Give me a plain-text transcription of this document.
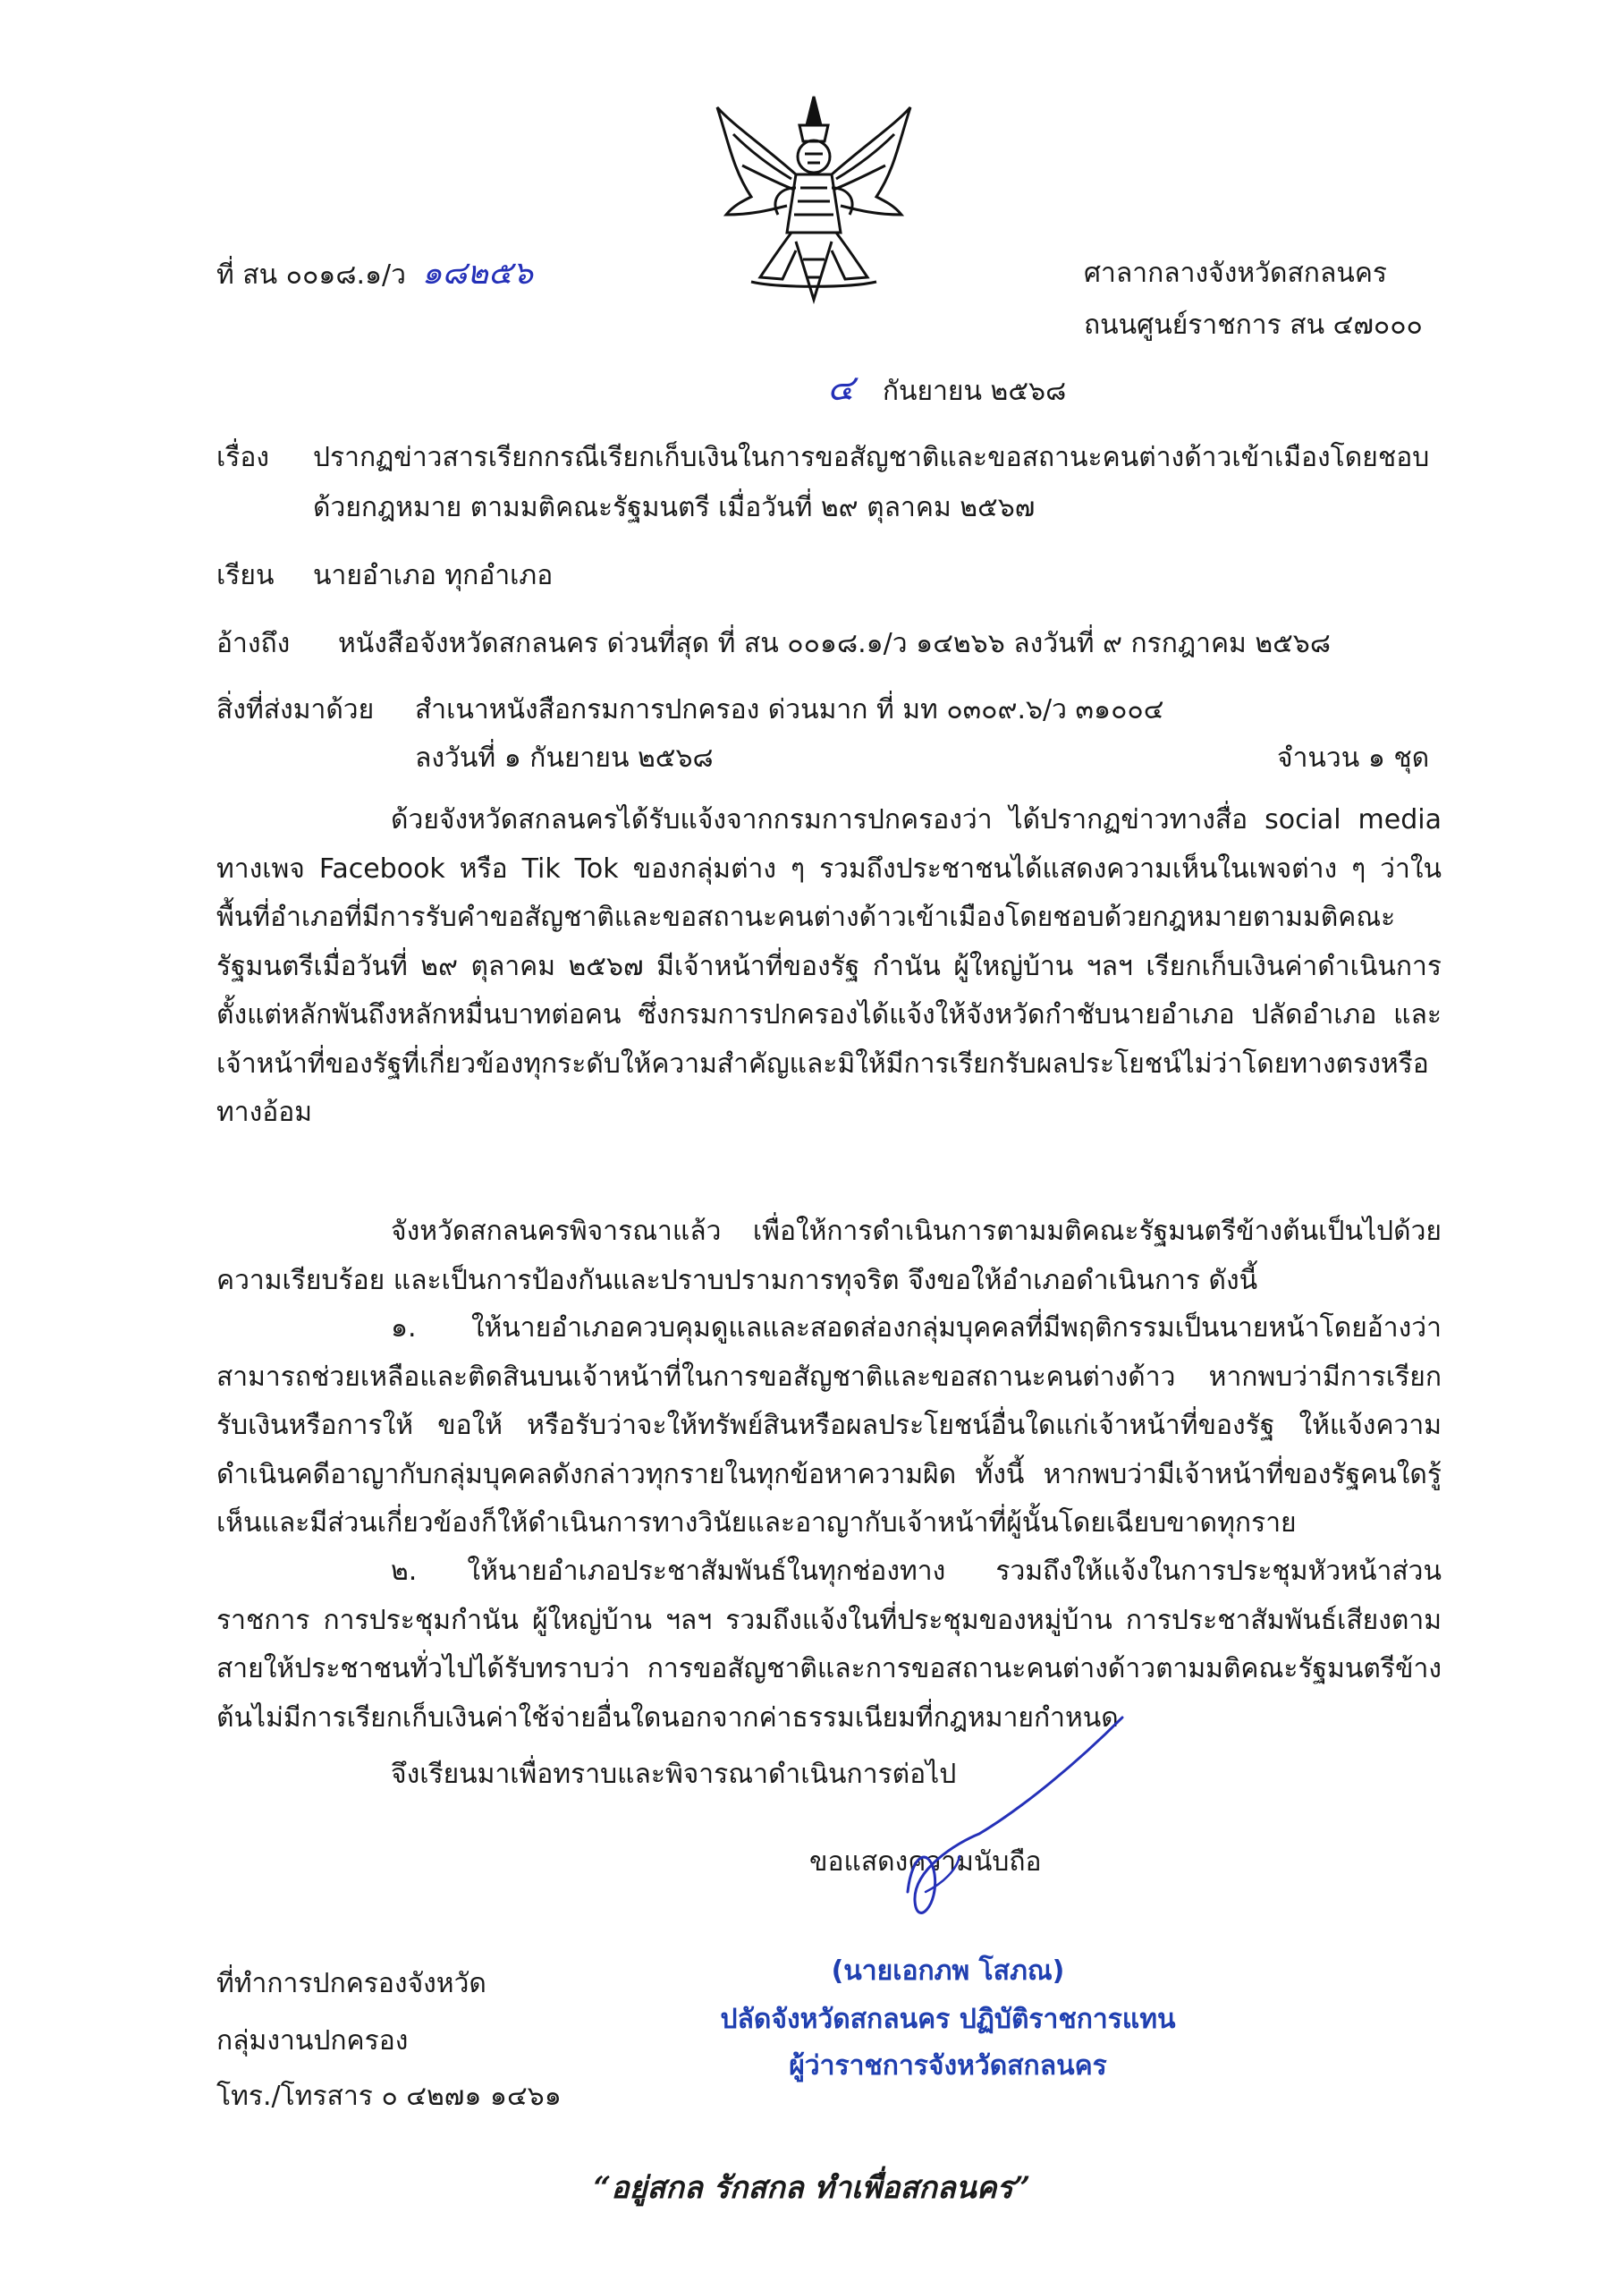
ที่ สน ๐๐๑๘.๑/ว ๑๘๒๕๖	ศาลากลางจังหวัดสกลนคร
ถนนศูนย์ราชการ สน ๔๗๐๐๐
๔ กันยายน ๒๕๖๘
เรื่อง ปรากฏข่าวสารเรียกกรณีเรียกเก็บเงินในการขอสัญชาติและขอสถานะคนต่างด้าวเข้าเมืองโดยชอบ
ด้วยกฎหมาย ตามมติคณะรัฐมนตรี เมื่อวันที่ ๒๙ ตุลาคม ๒๕๖๗
เรียน นายอำเภอ ทุกอำเภอ
อ้างถึง หนังสือจังหวัดสกลนคร ด่วนที่สุด ที่ สน ๐๐๑๘.๑/ว ๑๔๒๖๖ ลงวันที่ ๙ กรกฎาคม ๒๕๖๘
สิ่งที่ส่งมาด้วย สำเนาหนังสือกรมการปกครอง ด่วนมาก ที่ มท ๐๓๐๙.๖/ว ๓๑๐๐๔
ลงวันที่ ๑ กันยายน ๒๕๖๘	จำนวน ๑ ชุด
ด้วยจังหวัดสกลนครได้รับแจ้งจากกรมการปกครองว่า ได้ปรากฏข่าวทางสื่อ social media ทางเพจ Facebook หรือ Tik Tok ของกลุ่มต่าง ๆ รวมถึงประชาชนได้แสดงความเห็นในเพจต่าง ๆ ว่าในพื้นที่อำเภอที่มีการรับคำขอสัญชาติและขอสถานะคนต่างด้าวเข้าเมืองโดยชอบด้วยกฎหมายตามมติคณะรัฐมนตรีเมื่อวันที่ ๒๙ ตุลาคม ๒๕๖๗ มีเจ้าหน้าที่ของรัฐ กำนัน ผู้ใหญ่บ้าน ฯลฯ เรียกเก็บเงินค่าดำเนินการตั้งแต่หลักพันถึงหลักหมื่นบาทต่อคน ซึ่งกรมการปกครองได้แจ้งให้จังหวัดกำชับนายอำเภอ ปลัดอำเภอ และเจ้าหน้าที่ของรัฐที่เกี่ยวข้องทุกระดับให้ความสำคัญและมิให้มีการเรียกรับผลประโยชน์ไม่ว่าโดยทางตรงหรือทางอ้อม
จังหวัดสกลนครพิจารณาแล้ว เพื่อให้การดำเนินการตามมติคณะรัฐมนตรีข้างต้นเป็นไปด้วยความเรียบร้อย และเป็นการป้องกันและปราบปรามการทุจริต จึงขอให้อำเภอดำเนินการ ดังนี้
๑. ให้นายอำเภอควบคุมดูแลและสอดส่องกลุ่มบุคคลที่มีพฤติกรรมเป็นนายหน้าโดยอ้างว่าสามารถช่วยเหลือและติดสินบนเจ้าหน้าที่ในการขอสัญชาติและขอสถานะคนต่างด้าว หากพบว่ามีการเรียกรับเงินหรือการให้ ขอให้ หรือรับว่าจะให้ทรัพย์สินหรือผลประโยชน์อื่นใดแก่เจ้าหน้าที่ของรัฐ ให้แจ้งความดำเนินคดีอาญากับกลุ่มบุคคลดังกล่าวทุกรายในทุกข้อหาความผิด ทั้งนี้ หากพบว่ามีเจ้าหน้าที่ของรัฐคนใดรู้เห็นและมีส่วนเกี่ยวข้องก็ให้ดำเนินการทางวินัยและอาญากับเจ้าหน้าที่ผู้นั้นโดยเฉียบขาดทุกราย
๒. ให้นายอำเภอประชาสัมพันธ์ในทุกช่องทาง รวมถึงให้แจ้งในการประชุมหัวหน้าส่วนราชการ การประชุมกำนัน ผู้ใหญ่บ้าน ฯลฯ รวมถึงแจ้งในที่ประชุมของหมู่บ้าน การประชาสัมพันธ์เสียงตามสายให้ประชาชนทั่วไปได้รับทราบว่า การขอสัญชาติและการขอสถานะคนต่างด้าวตามมติคณะรัฐมนตรีข้างต้นไม่มีการเรียกเก็บเงินค่าใช้จ่ายอื่นใดนอกจากค่าธรรมเนียมที่กฎหมายกำหนด
จึงเรียนมาเพื่อทราบและพิจารณาดำเนินการต่อไป
ขอแสดงความนับถือ
(นายเอกภพ โสภณ)
ปลัดจังหวัดสกลนคร ปฏิบัติราชการแทน
ผู้ว่าราชการจังหวัดสกลนคร
ที่ทำการปกครองจังหวัด
กลุ่มงานปกครอง
โทร./โทรสาร ๐ ๔๒๗๑ ๑๔๖๑
“อยู่สกล รักสกล ทำเพื่อสกลนคร”
